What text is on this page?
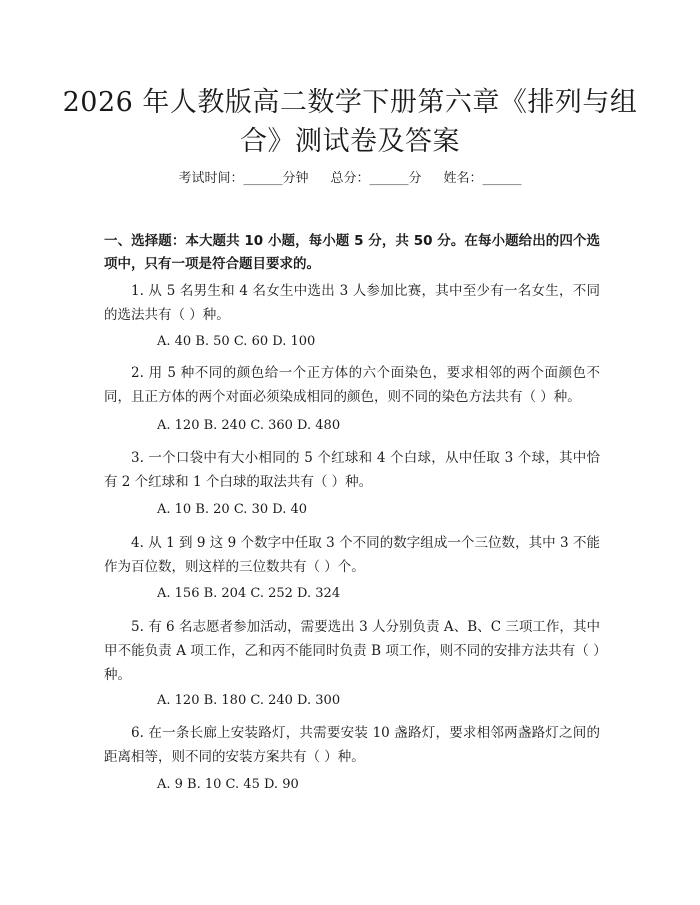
2026 年人教版高二数学下册第六章《排列与组合》测试卷及答案
考试时间：______分钟 总分：______分 姓名：______

一、选择题：本大题共 10 小题，每小题 5 分，共 50 分。在每小题给出的四个选项中，只有一项是符合题目要求的。

1. 从 5 名男生和 4 名女生中选出 3 人参加比赛，其中至少有一名女生，不同的选法共有（ ）种。

A. 40 B. 50 C. 60 D. 100

2. 用 5 种不同的颜色给一个正方体的六个面染色，要求相邻的两个面颜色不同，且正方体的两个对面必须染成相同的颜色，则不同的染色方法共有（ ）种。

A. 120 B. 240 C. 360 D. 480

3. 一个口袋中有大小相同的 5 个红球和 4 个白球，从中任取 3 个球，其中恰有 2 个红球和 1 个白球的取法共有（ ）种。

A. 10 B. 20 C. 30 D. 40

4. 从 1 到 9 这 9 个数字中任取 3 个不同的数字组成一个三位数，其中 3 不能作为百位数，则这样的三位数共有（ ）个。

A. 156 B. 204 C. 252 D. 324

5. 有 6 名志愿者参加活动，需要选出 3 人分别负责 A、B、C 三项工作，其中甲不能负责 A 项工作，乙和丙不能同时负责 B 项工作，则不同的安排方法共有（ ）种。

A. 120 B. 180 C. 240 D. 300

6. 在一条长廊上安装路灯，共需要安装 10 盏路灯，要求相邻两盏路灯之间的距离相等，则不同的安装方案共有（ ）种。

A. 9 B. 10 C. 45 D. 90
